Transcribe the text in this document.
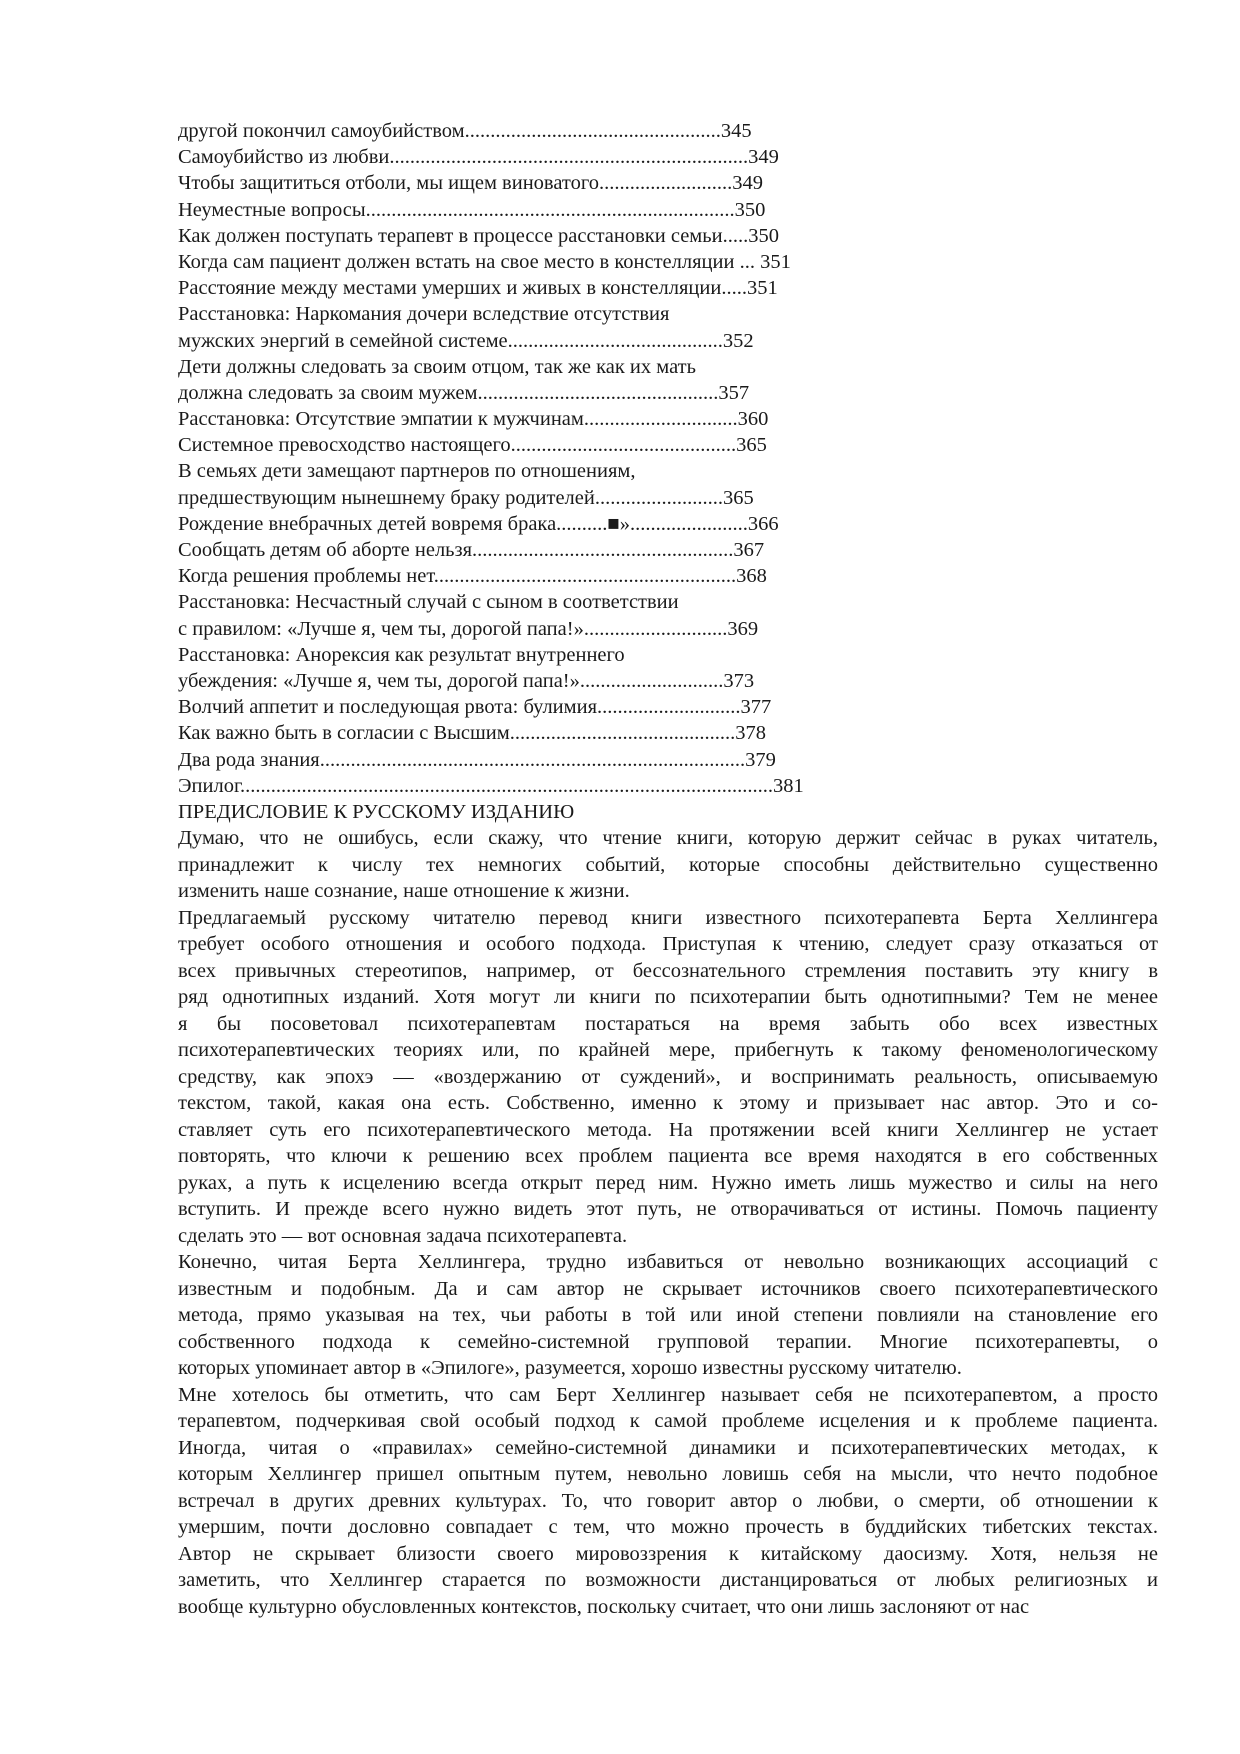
другой покончил самоубийством..................................................345
Самоубийство из любви......................................................................349
Чтобы защититься отболи, мы ищем виноватого..........................349
Неуместные вопросы........................................................................350
Как должен поступать терапевт в процессе расстановки семьи.....350
Когда сам пациент должен встать на свое место в констелляции ... 351
Расстояние между местами умерших и живых в констелляции.....351
Расстановка: Наркомания дочери вследствие отсутствия
мужских энергий в семейной системе..........................................352
Дети должны следовать за своим отцом, так же как их мать
должна следовать за своим мужем...............................................357
Расстановка: Отсутствие эмпатии к мужчинам..............................360
Системное превосходство настоящего............................................365
В семьях дети замещают партнеров по отношениям,
предшествующим нынешнему браку родителей.........................365
Рождение внебрачных детей вовремя брака..........■».......................366
Сообщать детям об аборте нельзя...................................................367
Когда решения проблемы нет...........................................................368
Расстановка: Несчастный случай с сыном в соответствии
с правилом: «Лучше я, чем ты, дорогой папа!»............................369
Расстановка: Анорексия как результат внутреннего
убеждения: «Лучше я, чем ты, дорогой папа!»............................373
Волчий аппетит и последующая рвота: булимия............................377
Как важно быть в согласии с Высшим............................................378
Два рода знания...................................................................................379
Эпилог........................................................................................................381
ПРЕДИСЛОВИЕ К РУССКОМУ ИЗДАНИЮ
Думаю, что не ошибусь, если скажу, что чтение книги, которую держит сейчас в руках читатель,
принадлежит к числу тех немногих событий, которые способны действительно существенно
изменить наше сознание, наше отношение к жизни.
Предлагаемый русскому читателю перевод книги известного психотерапевта Берта Хеллингера
требует особого отношения и особого подхода. Приступая к чтению, следует сразу отказаться от
всех привычных стереотипов, например, от бессознательного стремления поставить эту книгу в
ряд однотипных изданий. Хотя могут ли книги по психотерапии быть однотипными? Тем не менее
я бы посоветовал психотерапевтам постараться на время забыть обо всех известных
психотерапевтических теориях или, по крайней мере, прибегнуть к такому феноменологическому
средству, как эпохэ — «воздержанию от суждений», и воспринимать реальность, описываемую
текстом, такой, какая она есть. Собственно, именно к этому и призывает нас автор. Это и со-
ставляет суть его психотерапевтического метода. На протяжении всей книги Хеллингер не устает
повторять, что ключи к решению всех проблем пациента все время находятся в его собственных
руках, а путь к исцелению всегда открыт перед ним. Нужно иметь лишь мужество и силы на него
вступить. И прежде всего нужно видеть этот путь, не отворачиваться от истины. Помочь пациенту
сделать это — вот основная задача психотерапевта.
Конечно, читая Берта Хеллингера, трудно избавиться от невольно возникающих ассоциаций с
известным и подобным. Да и сам автор не скрывает источников своего психотерапевтического
метода, прямо указывая на тех, чьи работы в той или иной степени повлияли на становление его
собственного подхода к семейно-системной групповой терапии. Многие психотерапевты, о
которых упоминает автор в «Эпилоге», разумеется, хорошо известны русскому читателю.
Мне хотелось бы отметить, что сам Берт Хеллингер называет себя не психотерапевтом, а просто
терапевтом, подчеркивая свой особый подход к самой проблеме исцеления и к проблеме пациента.
Иногда, читая о «правилах» семейно-системной динамики и психотерапевтических методах, к
которым Хеллингер пришел опытным путем, невольно ловишь себя на мысли, что нечто подобное
встречал в других древних культурах. То, что говорит автор о любви, о смерти, об отношении к
умершим, почти дословно совпадает с тем, что можно прочесть в буддийских тибетских текстах.
Автор не скрывает близости своего мировоззрения к китайскому даосизму. Хотя, нельзя не
заметить, что Хеллингер старается по возможности дистанцироваться от любых религиозных и
вообще культурно обусловленных контекстов, поскольку считает, что они лишь заслоняют от нас
